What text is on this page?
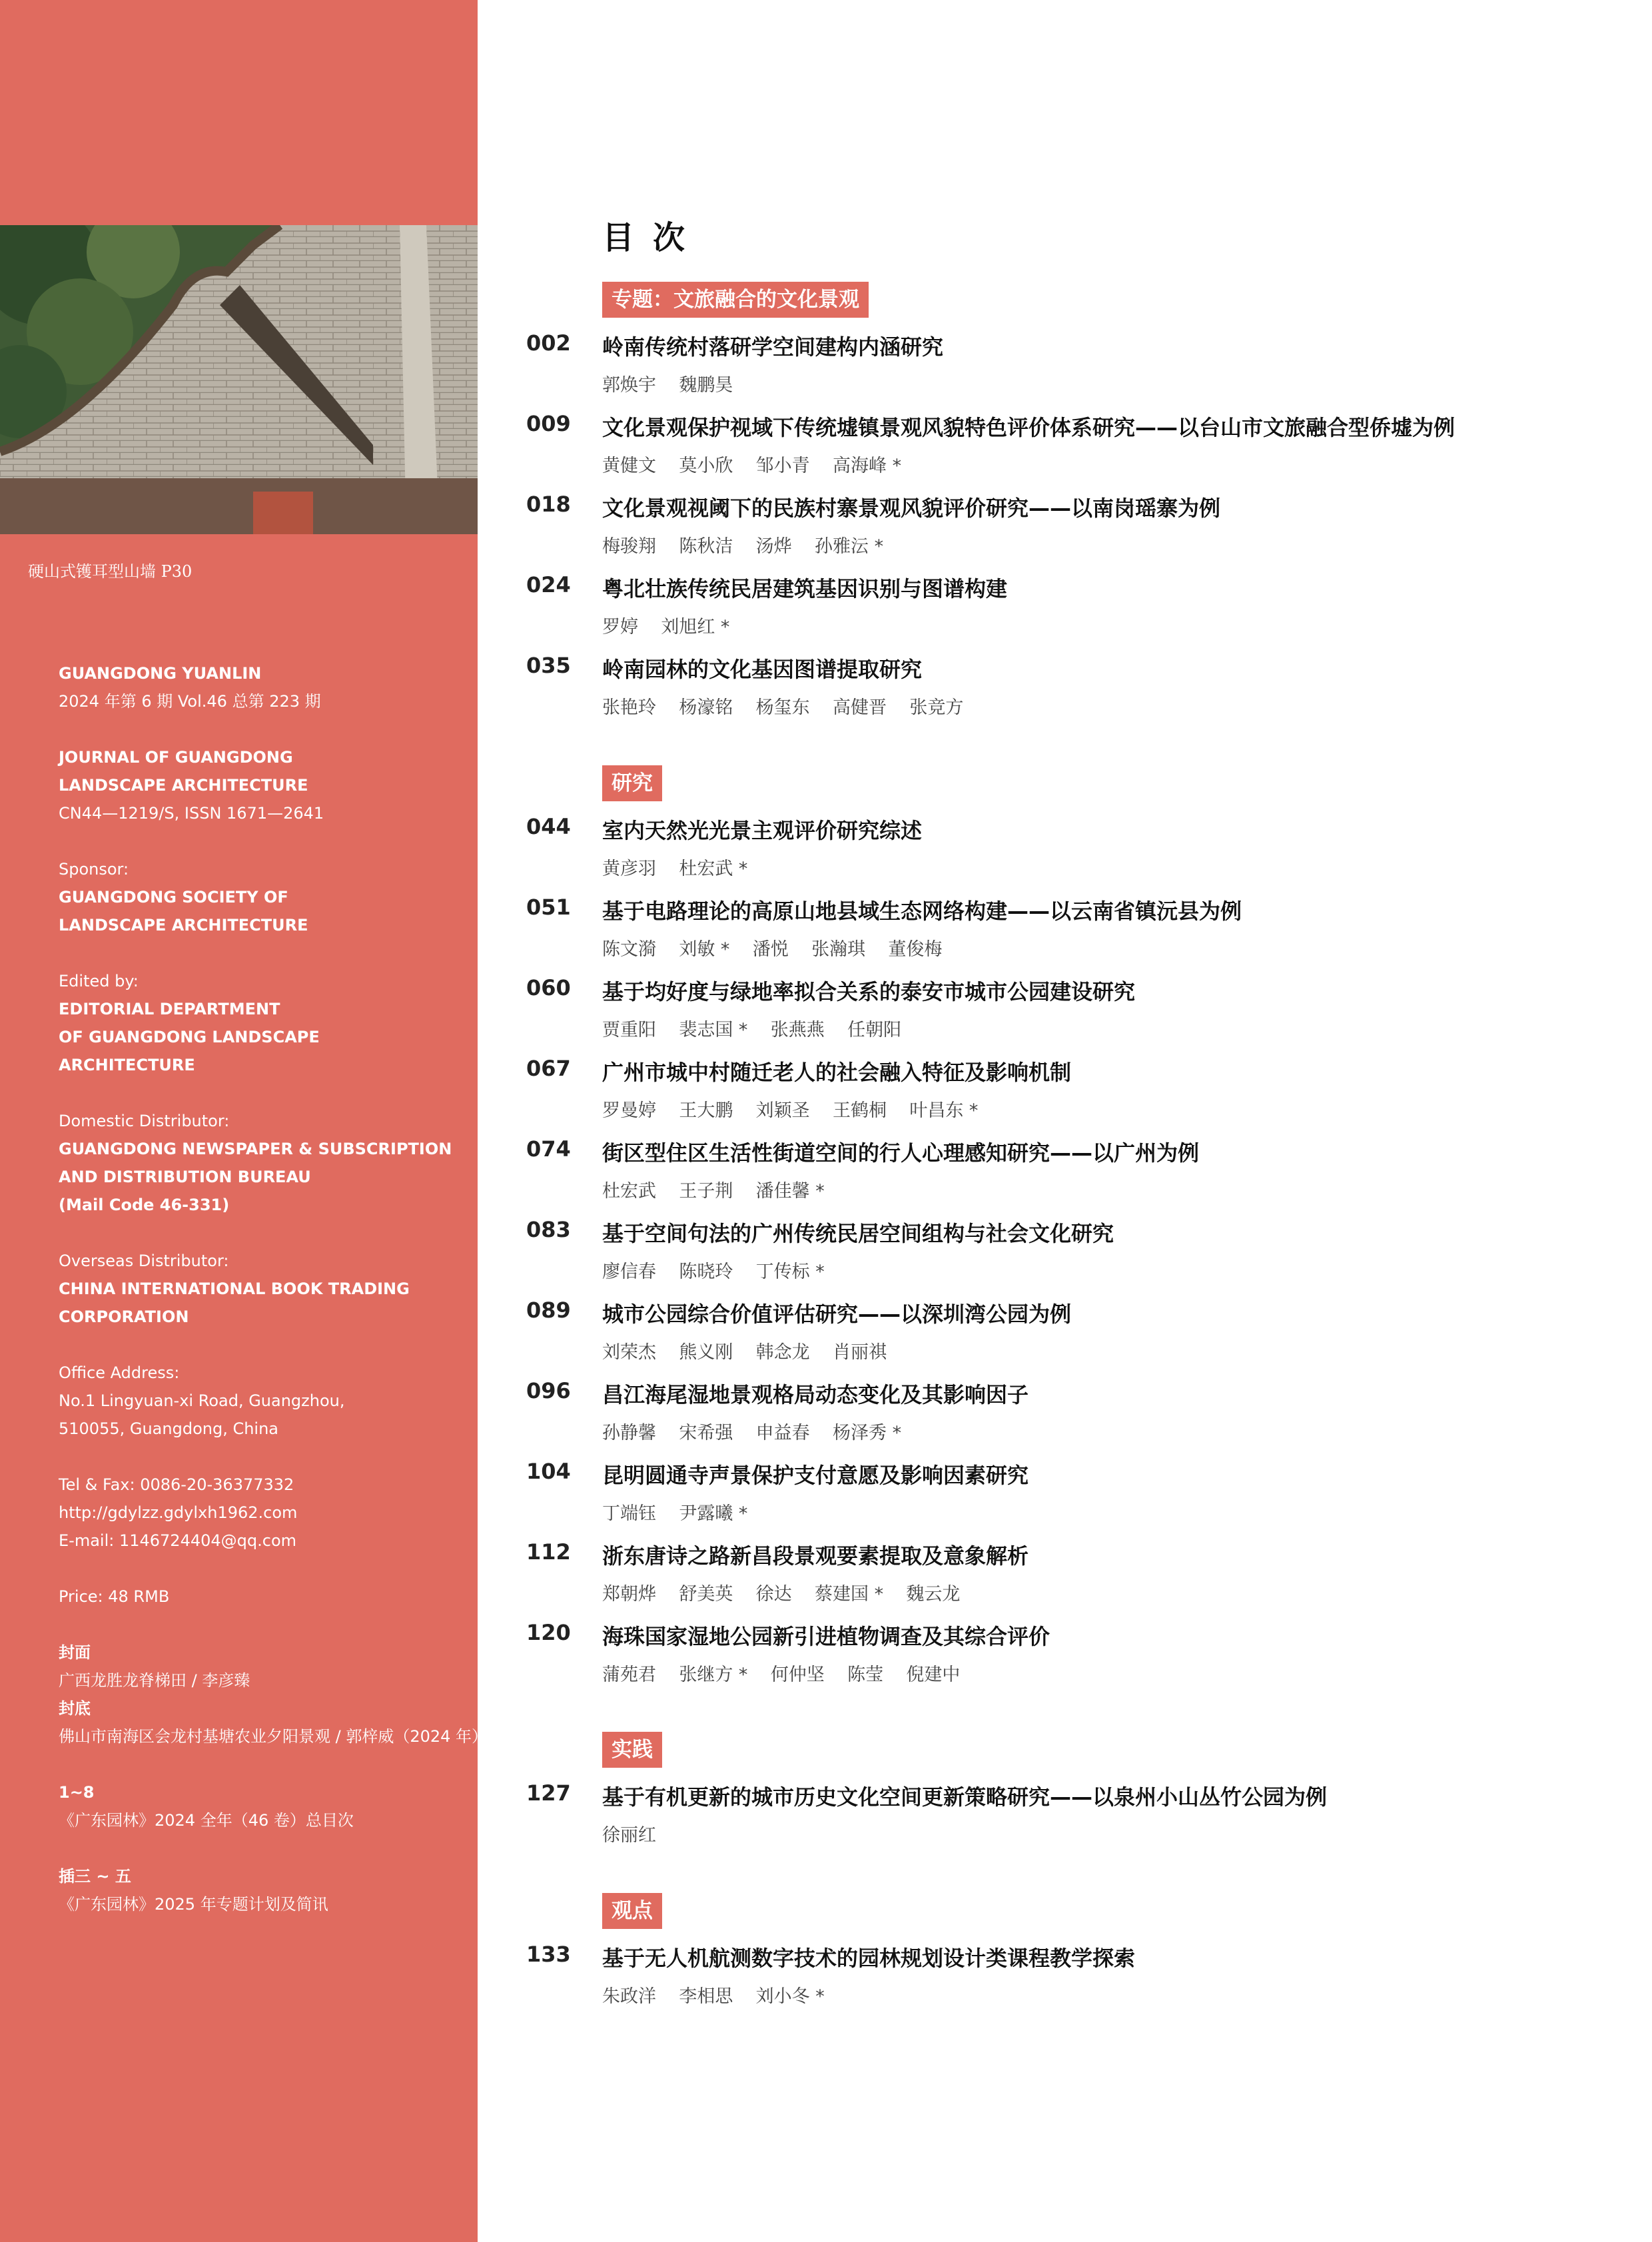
硬山式镬耳型山墙 P30
GUANGDONG YUANLIN
2024 年第 6 期 Vol.46 总第 223 期
JOURNAL OF GUANGDONG
LANDSCAPE ARCHITECTURE
CN44—1219/S, ISSN 1671—2641
Sponsor:
GUANGDONG SOCIETY OF
LANDSCAPE ARCHITECTURE
Edited by:
EDITORIAL DEPARTMENT
OF GUANGDONG LANDSCAPE
ARCHITECTURE
Domestic Distributor:
GUANGDONG NEWSPAPER & SUBSCRIPTION
AND DISTRIBUTION BUREAU
(Mail Code 46-331)
Overseas Distributor:
CHINA INTERNATIONAL BOOK TRADING
CORPORATION
Office Address:
No.1 Lingyuan-xi Road, Guangzhou,
510055, Guangdong, China
Tel & Fax: 0086-20-36377332
http://gdylzz.gdylxh1962.com
E-mail: 1146724404@qq.com
Price: 48 RMB
封面
广西龙胜龙脊梯田 / 李彦臻
封底
佛山市南海区会龙村基塘农业夕阳景观 / 郭梓威（2024 年）
1~8
《广东园林》2024 全年（46 卷）总目次
插三 ~ 五
《广东园林》2025 年专题计划及简讯
目次
专题：文旅融合的文化景观
002 岭南传统村落研学空间建构内涵研究
郭焕宇    魏鹏昊
009 文化景观保护视域下传统墟镇景观风貌特色评价体系研究——以台山市文旅融合型侨墟为例
黄健文    莫小欣    邹小青    高海峰 *
018 文化景观视阈下的民族村寨景观风貌评价研究——以南岗瑶寨为例
梅骏翔    陈秋洁    汤烨    孙雅沄 *
024 粤北壮族传统民居建筑基因识别与图谱构建
罗婷    刘旭红 *
035 岭南园林的文化基因图谱提取研究
张艳玲    杨濠铭    杨玺东    高健晋    张竞方
研究
044 室内天然光光景主观评价研究综述
黄彦羽    杜宏武 *
051 基于电路理论的高原山地县域生态网络构建——以云南省镇沅县为例
陈文漪    刘敏 *    潘悦    张瀚琪    董俊梅
060 基于均好度与绿地率拟合关系的泰安市城市公园建设研究
贾重阳    裴志国 *    张燕燕    任朝阳
067 广州市城中村随迁老人的社会融入特征及影响机制
罗曼婷    王大鹏    刘颖圣    王鹤桐    叶昌东 *
074 街区型住区生活性街道空间的行人心理感知研究——以广州为例
杜宏武    王子荆    潘佳馨 *
083 基于空间句法的广州传统民居空间组构与社会文化研究
廖信春    陈晓玲    丁传标 *
089 城市公园综合价值评估研究——以深圳湾公园为例
刘荣杰    熊义刚    韩念龙    肖丽祺
096 昌江海尾湿地景观格局动态变化及其影响因子
孙静馨    宋希强    申益春    杨泽秀 *
104 昆明圆通寺声景保护支付意愿及影响因素研究
丁端钰    尹露曦 *
112 浙东唐诗之路新昌段景观要素提取及意象解析
郑朝烨    舒美英    徐达    蔡建国 *    魏云龙
120 海珠国家湿地公园新引进植物调查及其综合评价
蒲苑君    张继方 *    何仲坚    陈莹    倪建中
实践
127 基于有机更新的城市历史文化空间更新策略研究——以泉州小山丛竹公园为例
徐丽红
观点
133 基于无人机航测数字技术的园林规划设计类课程教学探索
朱政洋    李相思    刘小冬 *
